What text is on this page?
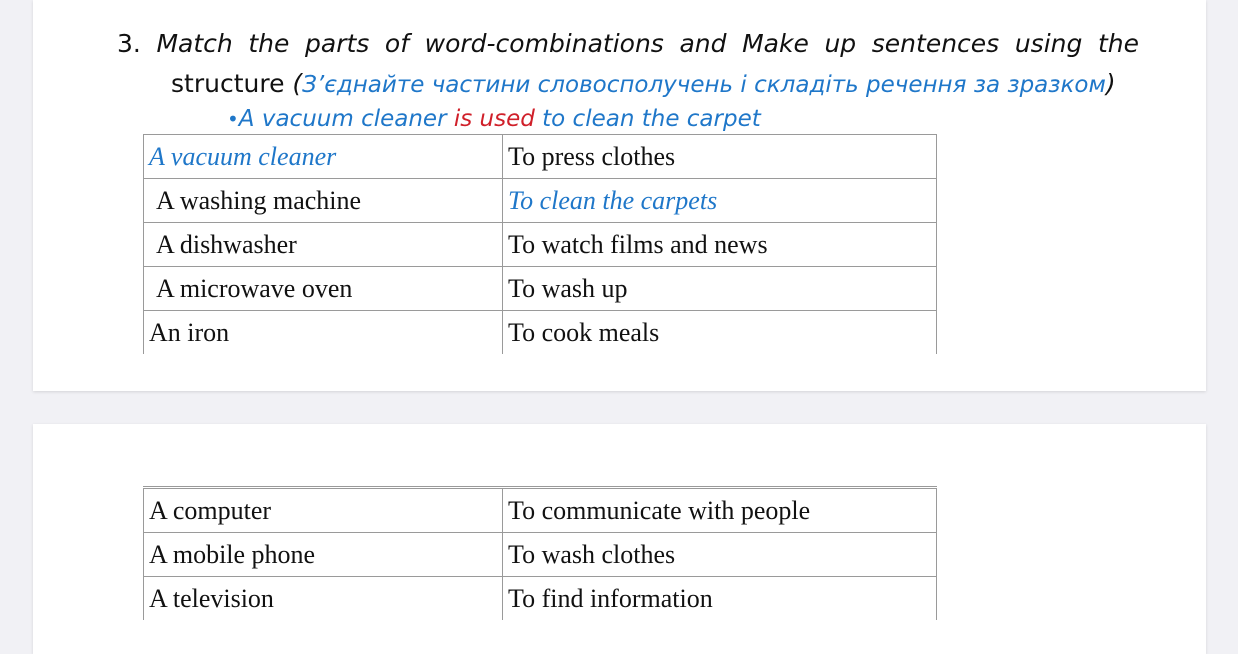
3. Match the parts of word-combinations and Make up sentences using the
structure (З’єднайте частини словосполучень і складіть речення за зразком)
•A vacuum cleaner is used to clean the carpet
A vacuum cleaner	To press clothes
A washing machine	To clean the carpets
A dishwasher	To watch films and news
A microwave oven	To wash up
An iron	To cook meals
A computer	To communicate with people
A mobile phone	To wash clothes
A television	To find information
